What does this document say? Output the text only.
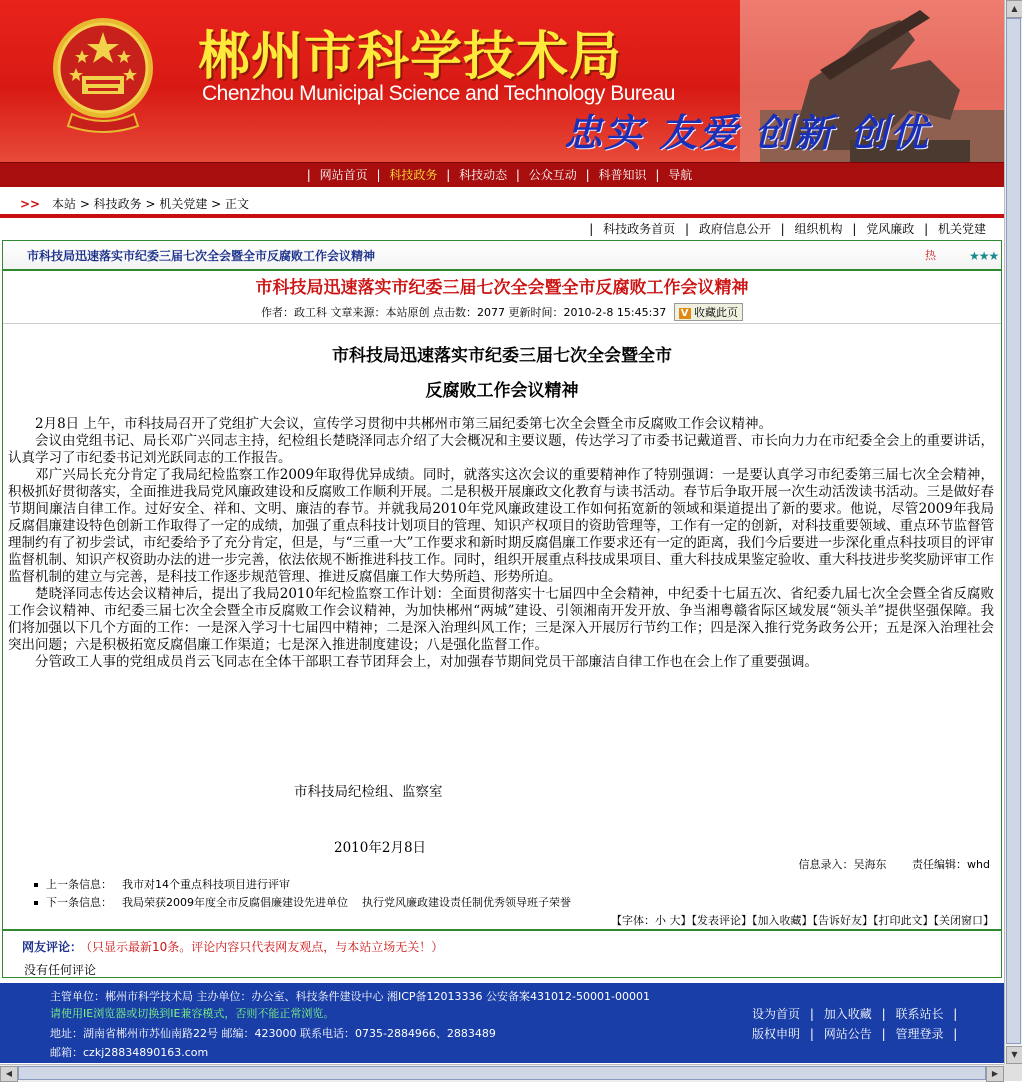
郴州市科学技术局
Chenzhou Municipal Science and Technology Bureau
忠实 友爱 创新 创优
| 网站首页 | 科技政务 | 科技动态 | 公众互动 | 科普知识 | 导航
>> 本站 > 科技政务 > 机关党建 > 正文
| 科技政务首页 | 政府信息公开 | 组织机构 | 党风廉政 | 机关党建
市科技局迅速落实市纪委三届七次全会暨全市反腐败工作会议精神	热	★★★
市科技局迅速落实市纪委三届七次全会暨全市反腐败工作会议精神
作者：政工科 文章来源：本站原创 点击数：2077 更新时间：2010-2-8 15:45:37 V 收藏此页
市科技局迅速落实市纪委三届七次全会暨全市
反腐败工作会议精神

2月8日 上午，市科技局召开了党组扩大会议，宣传学习贯彻中共郴州市第三届纪委第七次全会暨全市反腐败工作会议精神。

会议由党组书记、局长邓广兴同志主持，纪检组长楚晓泽同志介绍了大会概况和主要议题，传达学习了市委书记戴道晋、市长向力力在市纪委全会上的重要讲话，认真学习了市纪委书记刘光跃同志的工作报告。

邓广兴局长充分肯定了我局纪检监察工作2009年取得优异成绩。同时，就落实这次会议的重要精神作了特别强调：一是要认真学习市纪委第三届七次全会精神，积极抓好贯彻落实，全面推进我局党风廉政建设和反腐败工作顺利开展。二是积极开展廉政文化教育与读书活动。春节后争取开展一次生动活泼读书活动。三是做好春节期间廉洁自律工作。过好安全、祥和、文明、廉洁的春节。并就我局2010年党风廉政建设工作如何拓宽新的领域和渠道提出了新的要求。他说，尽管2009年我局反腐倡廉建设特色创新工作取得了一定的成绩，加强了重点科技计划项目的管理、知识产权项目的资助管理等，工作有一定的创新，对科技重要领域、重点环节监督管理制约有了初步尝试，市纪委给予了充分肯定，但是，与“三重一大”工作要求和新时期反腐倡廉工作要求还有一定的距离，我们今后要进一步深化重点科技项目的评审监督机制、知识产权资助办法的进一步完善，依法依规不断推进科技工作。同时，组织开展重点科技成果项目、重大科技成果鉴定验收、重大科技进步奖奖励评审工作监督机制的建立与完善，是科技工作逐步规范管理、推进反腐倡廉工作大势所趋、形势所迫。

楚晓泽同志传达会议精神后，提出了我局2010年纪检监察工作计划：全面贯彻落实十七届四中全会精神，中纪委十七届五次、省纪委九届七次全会暨全省反腐败工作会议精神、市纪委三届七次全会暨全市反腐败工作会议精神，为加快郴州“两城”建设、引领湘南开发开放、争当湘粤赣省际区域发展“领头羊”提供坚强保障。我们将加强以下几个方面的工作：一是深入学习十七届四中精神；二是深入治理纠风工作；三是深入开展厉行节约工作；四是深入推行党务政务公开；五是深入治理社会突出问题；六是积极拓宽反腐倡廉工作渠道；七是深入推进制度建设；八是强化监督工作。

分管政工人事的党组成员肖云飞同志在全体干部职工春节团拜会上，对加强春节期间党员干部廉洁自律工作也在会上作了重要强调。

市科技局纪检组、监察室
2010年2月8日
信息录入：吴海东 责任编辑：whd
上一条信息： 我市对14个重点科技项目进行评审
下一条信息： 我局荣获2009年度全市反腐倡廉建设先进单位 执行党风廉政建设责任制优秀领导班子荣誉
【字体：小 大】【发表评论】【加入收藏】【告诉好友】【打印此文】【关闭窗口】
网友评论： （只显示最新10条。评论内容只代表网友观点，与本站立场无关！）
没有任何评论
主管单位：郴州市科学技术局 主办单位：办公室、科技条件建设中心 湘ICP备12013336 公安备案431012-50001-00001
请使用IE浏览器或切换到IE兼容模式，否则不能正常浏览。
地址：湖南省郴州市苏仙南路22号 邮编：423000 联系电话：0735-2884966、2883489
邮箱：czkj28834890163.com
设为首页 | 加入收藏 | 联系站长 |
版权申明 | 网站公告 | 管理登录 |
▲
▼
◀	▶
